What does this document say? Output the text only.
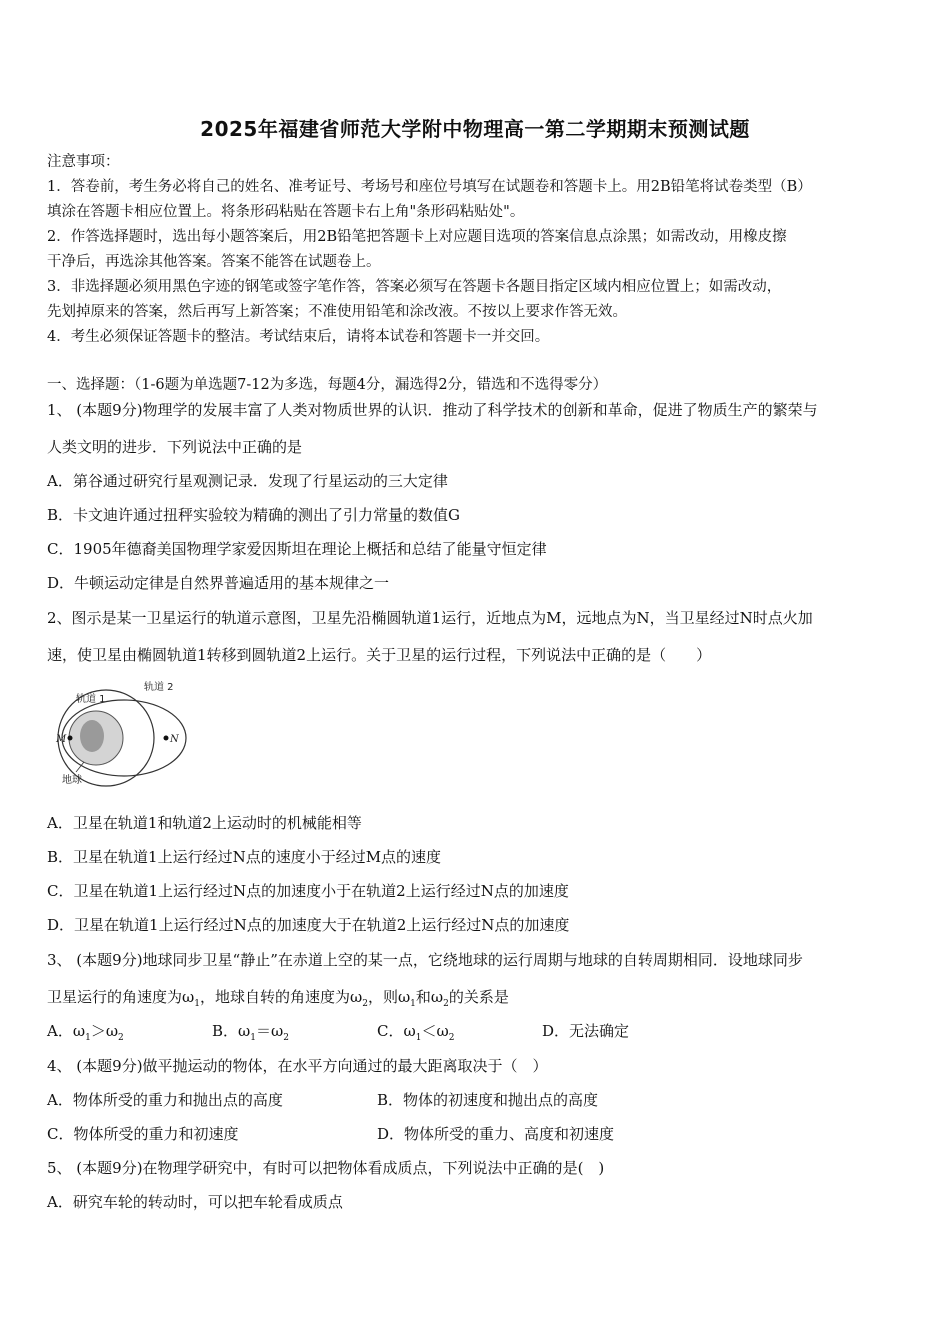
2025年福建省师范大学附中物理高一第二学期期末预测试题
注意事项：
1．答卷前，考生务必将自己的姓名、准考证号、考场号和座位号填写在试题卷和答题卡上。用2B铅笔将试卷类型（B）
填涂在答题卡相应位置上。将条形码粘贴在答题卡右上角"条形码粘贴处"。
2．作答选择题时，选出每小题答案后，用2B铅笔把答题卡上对应题目选项的答案信息点涂黑；如需改动，用橡皮擦
干净后，再选涂其他答案。答案不能答在试题卷上。
3．非选择题必须用黑色字迹的钢笔或签字笔作答，答案必须写在答题卡各题目指定区域内相应位置上；如需改动，
先划掉原来的答案，然后再写上新答案；不准使用铅笔和涂改液。不按以上要求作答无效。
4．考生必须保证答题卡的整洁。考试结束后，请将本试卷和答题卡一并交回。
一、选择题：（1-6题为单选题7-12为多选，每题4分，漏选得2分，错选和不选得零分）
1、 (本题9分)物理学的发展丰富了人类对物质世界的认识．推动了科学技术的创新和革命，促进了物质生产的繁荣与
人类文明的进步．下列说法中正确的是
A．第谷通过研究行星观测记录．发现了行星运动的三大定律
B．卡文迪许通过扭秤实验较为精确的测出了引力常量的数值G
C．1905年德裔美国物理学家爱因斯坦在理论上概括和总结了能量守恒定律
D．牛顿运动定律是自然界普遍适用的基本规律之一
2、图示是某一卫星运行的轨道示意图，卫星先沿椭圆轨道1运行，近地点为M，远地点为N，当卫星经过N时点火加
速，使卫星由椭圆轨道1转移到圆轨道2上运行。关于卫星的运行过程，下列说法中正确的是（　　）
轨道 1
轨道 2
M	N
地球
A．卫星在轨道1和轨道2上运动时的机械能相等
B．卫星在轨道1上运行经过N点的速度小于经过M点的速度
C．卫星在轨道1上运行经过N点的加速度小于在轨道2上运行经过N点的加速度
D．卫星在轨道1上运行经过N点的加速度大于在轨道2上运行经过N点的加速度
3、 (本题9分)地球同步卫星“静止”在赤道上空的某一点，它绕地球的运行周期与地球的自转周期相同．设地球同步
卫星运行的角速度为$\omega_1$，地球自转的角速度为$\omega_2$，则$\omega_1$和$\omega_2$的关系是
A．$\omega_1>\omega_2$	B．$\omega_1=\omega_2$	C．$\omega_1<\omega_2$	D．无法确定
4、 (本题9分)做平抛运动的物体，在水平方向通过的最大距离取决于（　）
A．物体所受的重力和抛出点的高度	B．物体的初速度和抛出点的高度
C．物体所受的重力和初速度	D．物体所受的重力、高度和初速度
5、 (本题9分)在物理学研究中，有时可以把物体看成质点，下列说法中正确的是(　)
A．研究车轮的转动时，可以把车轮看成质点
